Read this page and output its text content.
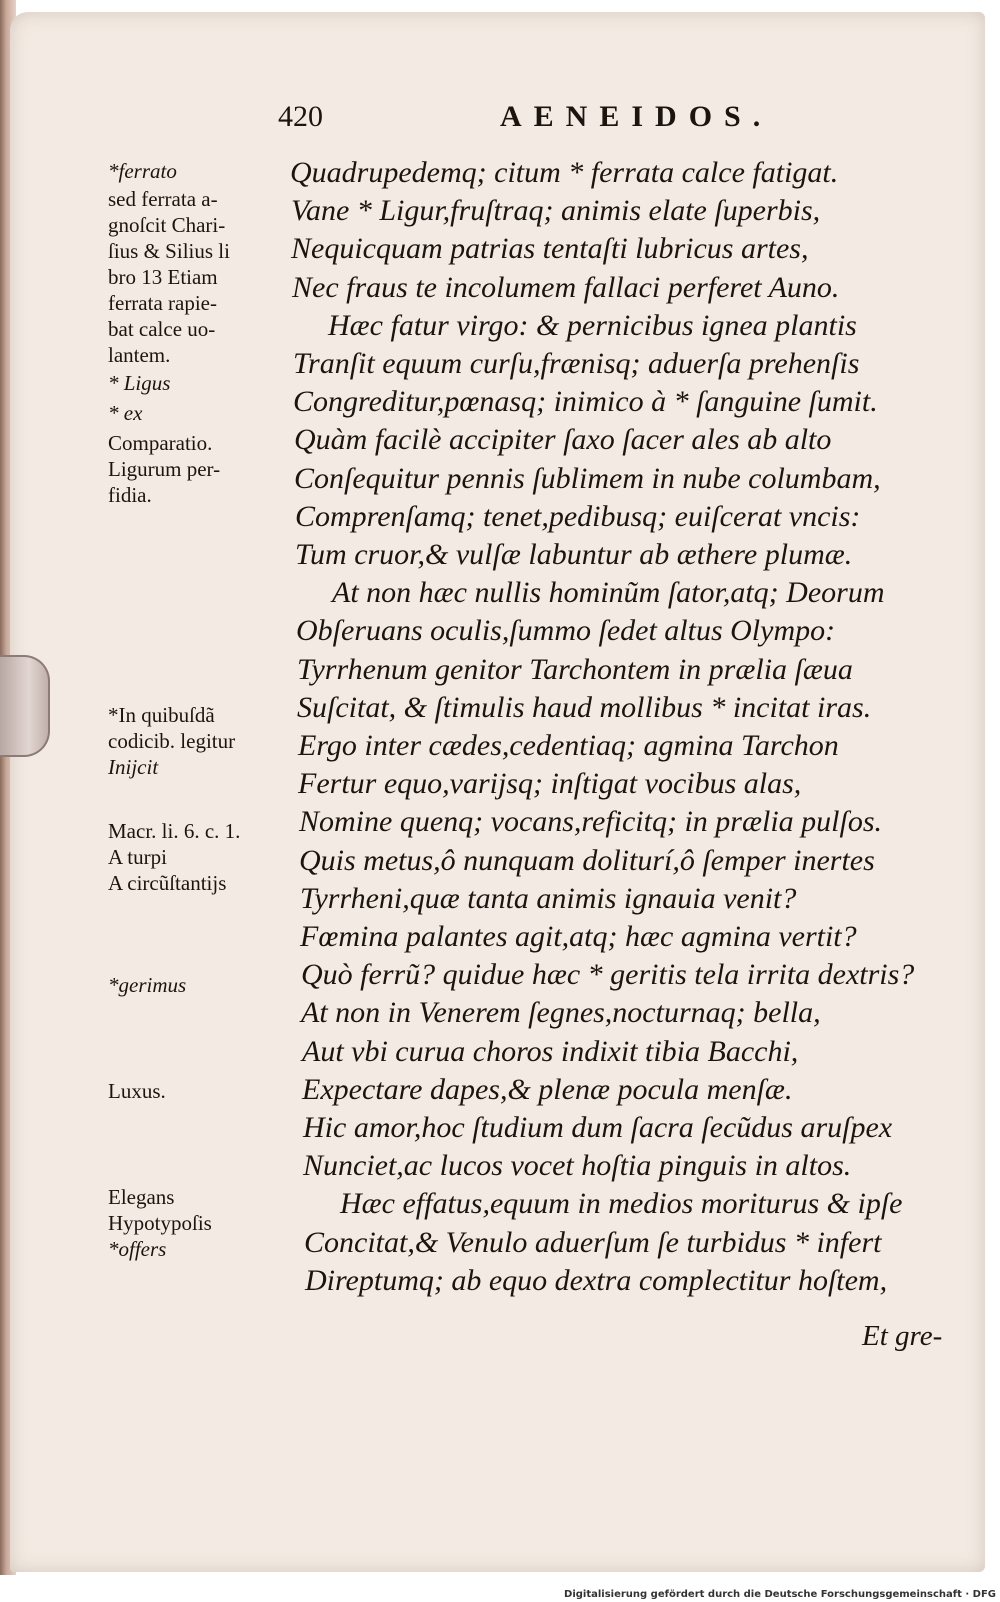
420	AENEIDOS.
*ferrato
sed ferrata a-
gnoſcit Chari-
ſius & Silius li
bro 13 Etiam
ferrata rapie-
bat calce uo-
lantem.
* Ligus
* ex
Comparatio.
Ligurum per-
fidia.
*In quibuſdã
codicib. legitur
Inijcit
Macr. li. 6. c. 1.
A turpi
A circũſtantijs
*gerimus
Luxus.
Elegans
Hypotypoſis
*offers
Quadrupedemq; citum * ferrata calce fatigat.
Vane * Ligur,fruſtraq; animis elate ſuperbis,
Nequicquam patrias tentaſti lubricus artes,
Nec fraus te incolumem fallaci perferet Auno.
Hæc fatur virgo: & pernicibus ignea plantis
Tranſit equum curſu,frænisq; aduerſa prehenſis
Congreditur,pœnasq; inimico à * ſanguine ſumit.
Quàm facilè accipiter ſaxo ſacer ales ab alto
Conſequitur pennis ſublimem in nube columbam,
Comprenſamq; tenet,pedibusq; euiſcerat vncis:
Tum cruor,& vulſæ labuntur ab æthere plumæ.
At non hæc nullis hominũm ſator,atq; Deorum
Obſeruans oculis,ſummo ſedet altus Olympo:
Tyrrhenum genitor Tarchontem in prælia ſæua
Suſcitat, & ſtimulis haud mollibus * incitat iras.
Ergo inter cædes,cedentiaq; agmina Tarchon
Fertur equo,varijsq; inſtigat vocibus alas,
Nomine quenq; vocans,reficitq; in prælia pulſos.
Quis metus,ô nunquam doliturí,ô ſemper inertes
Tyrrheni,quæ tanta animis ignauia venit?
Fœmina palantes agit,atq; hæc agmina vertit?
Quò ferrũ? quidue hæc * geritis tela irrita dextris?
At non in Venerem ſegnes,nocturnaq; bella,
Aut vbi curua choros indixit tibia Bacchi,
Expectare dapes,& plenæ pocula menſæ.
Hic amor,hoc ſtudium dum ſacra ſecũdus aruſpex
Nunciet,ac lucos vocet hoſtia pinguis in altos.
Hæc effatus,equum in medios moriturus & ipſe
Concitat,& Venulo aduerſum ſe turbidus * infert
Direptumq; ab equo dextra complectitur hoſtem,
Et gre-
Digitalisierung gefördert durch die Deutsche Forschungsgemeinschaft · DFG
